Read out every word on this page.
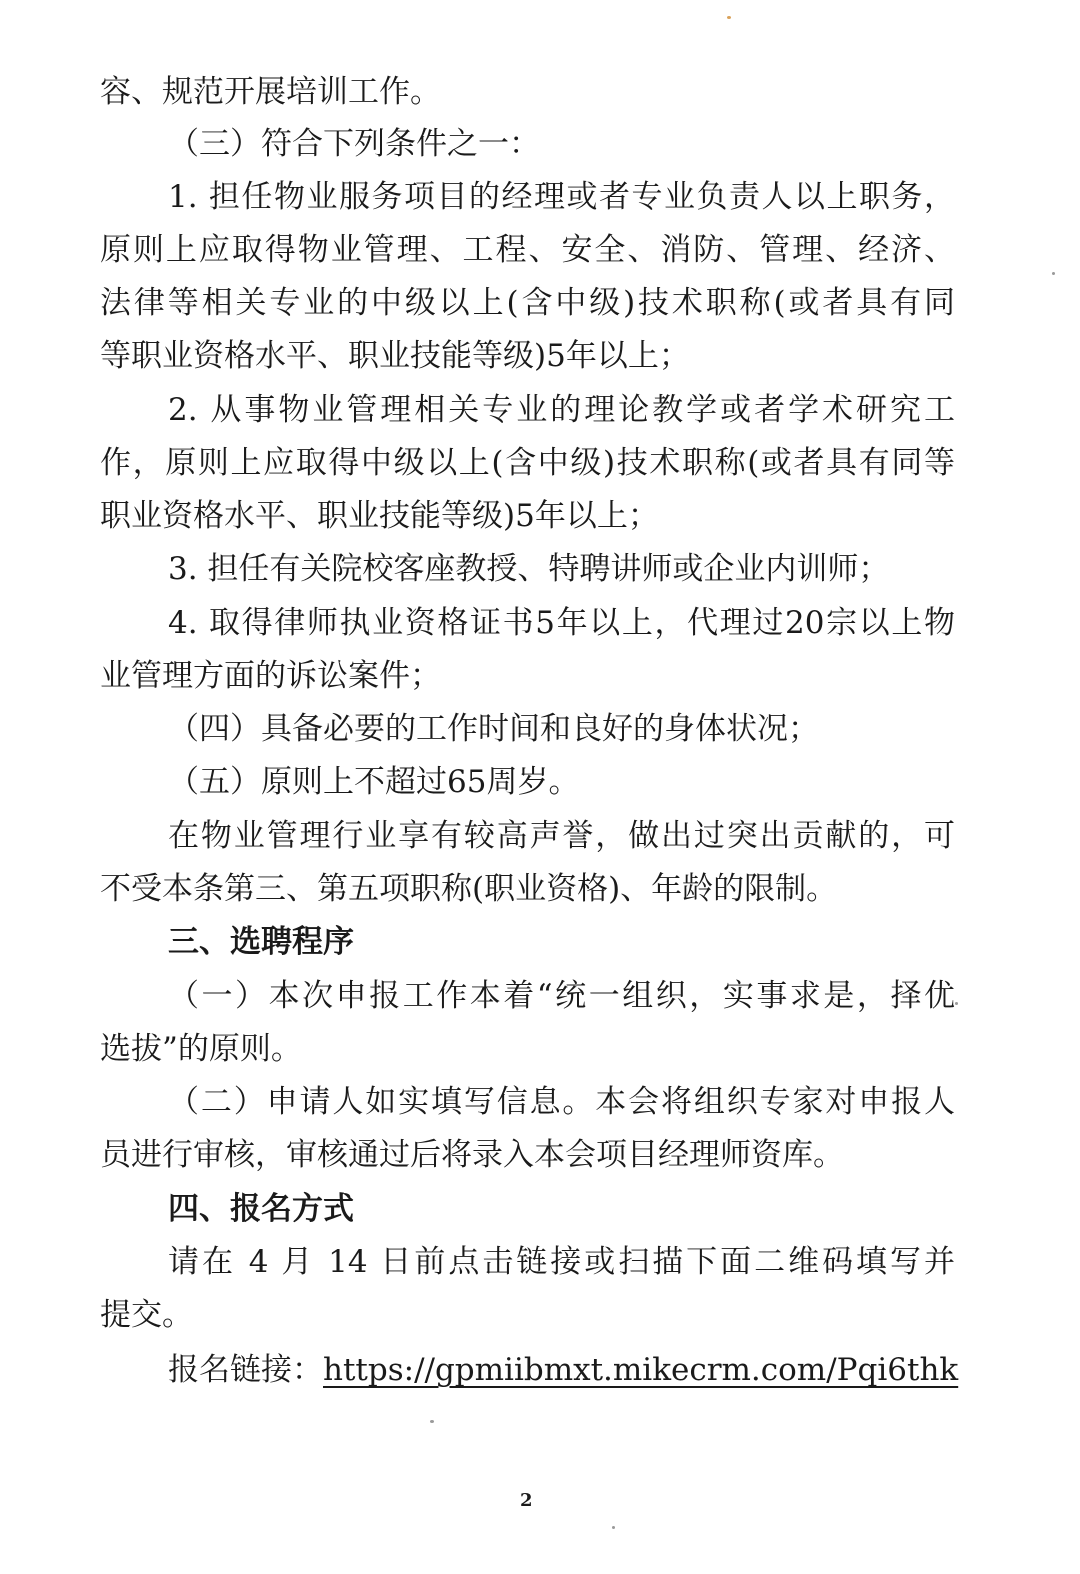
容、规范开展培训工作。
（三）符合下列条件之一：
1. 担任物业服务项目的经理或者专业负责人以上职务，
原则上应取得物业管理、工程、安全、消防、管理、经济、
法律等相关专业的中级以上(含中级)技术职称(或者具有同
等职业资格水平、职业技能等级)5年以上；
2. 从事物业管理相关专业的理论教学或者学术研究工
作，原则上应取得中级以上(含中级)技术职称(或者具有同等
职业资格水平、职业技能等级)5年以上；
3. 担任有关院校客座教授、特聘讲师或企业内训师；
4. 取得律师执业资格证书5年以上，代理过20宗以上物
业管理方面的诉讼案件；
（四）具备必要的工作时间和良好的身体状况；
（五）原则上不超过65周岁。
在物业管理行业享有较高声誉，做出过突出贡献的，可
不受本条第三、第五项职称(职业资格)、年龄的限制。
三、选聘程序
（一）本次申报工作本着“统一组织，实事求是，择优
选拔”的原则。
（二）申请人如实填写信息。本会将组织专家对申报人
员进行审核，审核通过后将录入本会项目经理师资库。
四、报名方式
请在 4 月 14 日前点击链接或扫描下面二维码填写并
提交。
报名链接：https://gpmiibmxt.mikecrm.com/Pqi6thk
2
